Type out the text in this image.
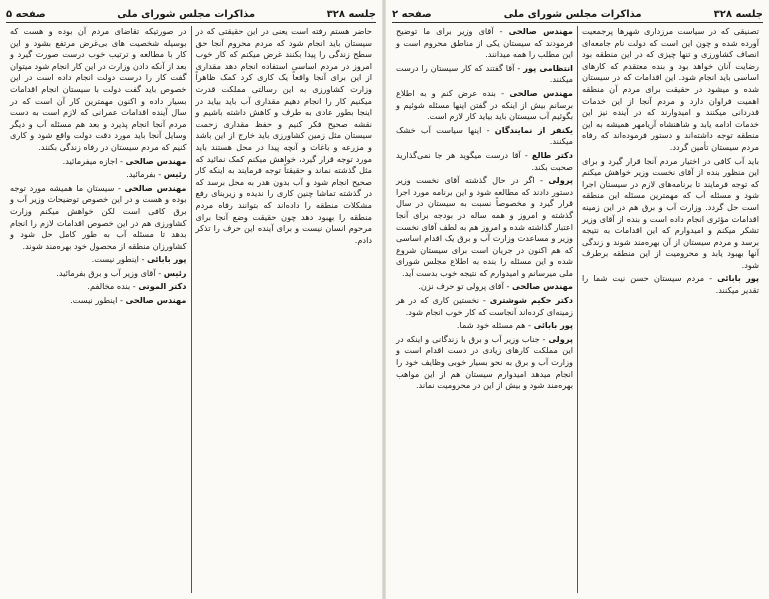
جلسه ۳۲۸
مذاکرات مجلس شورای ملی
صفحه ۵

حاضر هستم رفته است یعنی در این حقیقتی که در سیستان باید انجام شود که مردم محروم آنجا حق سطح زندگی را پیدا بکنند غرض میکنم که کار خوب امروز در مردم اساسی استفاده انجام دهد مقداری از این برای آنجا واقعاً یک کاری کرد کمک ظاهراً وزارت کشاورزی به این رسالتی مملکت قدرت میکنیم کار را انجام دهیم مقداری آب باید بیاید در اینجا بطور عادی به طرف و کاهش داشته باشیم و نقشه صحیح فکر کنیم و حفظ مقداری زحمت سیستان مثل زمین کشاورزی باید خارج از این باشد و مزرعه و باغات و آنچه پیدا در محل هستند باید مورد توجه قرار گیرد، خواهش میکنم کمک نمائید که مثل گذشته نماند و حقیقتاً توجه فرمایند به اینکه کار صحیح انجام شود و آب بدون هدر به محل برسد که در گذشته تماشا چنین کاری را ندیده و زیربنای رفع مشکلات منطقه را داده‌اند که بتوانند رفاه مردم منطقه را بهبود دهد چون حقیقت وضع آنجا برای مرحوم انسان نیست و برای آینده این حرف را تذکر دادم.

در صورتیکه تقاضای مردم آن بوده و هست که بوسیله شخصیت های بی‌غرض مرتفع بشود و این کار با مطالعه و ترتیب خوب درست صورت گیرد و بعد از آنکه دادن وزارت در این کار انجام شود میتوان گفت کار را درست دولت انجام داده است در این خصوص باید گفت دولت با سیستان انجام اقدامات بسیار داده و اکنون مهمترین کار آن است که در سال آینده اقدامات عمرانی که لازم است به دست مردم آنجا انجام پذیرد و بعد هم مسئله آب و دیگر وسایل آنجا باید مورد دقت دولت واقع شود و کاری کنیم که مردم سیستان در رفاه زندگی بکنند.

مهندس صالحی - اجازه میفرمائید.

رئیس - بفرمائید.

مهندس صالحی - سیستان ما همیشه مورد توجه بوده و هست و در این خصوص توضیحات وزیر آب و برق کافی است لکن خواهش میکنم وزارت کشاورزی هم در این خصوص اقدامات لازم را انجام بدهد تا مسئله آب به طور کامل حل شود و کشاورزان منطقه از محصول خود بهره‌مند شوند.

پور بابائی - اینطور نیست.

رئیس - آقای وزیر آب و برق بفرمائید.

دکتر الموتی - بنده مخالفم.

مهندس صالحی - اینطور نیست.

جلسه ۳۲۸
مذاکرات مجلس شورای ملی
صفحه ۲

تصنیقی که در سیاست مرزداری شهرها پرجمعیت آورده شده و چون این است که دولت نام جامعه‌ای انصاف کشاورزی و تنها چیزی که در این منطقه بود رضایت آنان خواهد بود و بنده معتقدم که کارهای اساسی باید انجام شود. این اقدامات که در سیستان شده و میشود در حقیقت برای مردم آن منطقه اهمیت فراوان دارد و مردم آنجا از این خدمات قدردانی میکنند و امیدوارند که در آینده نیز این خدمات ادامه یابد و شاهنشاه آریامهر همیشه به این منطقه توجه داشته‌اند و دستور فرموده‌اند که رفاه مردم سیستان تأمین گردد.

باید آب کافی در اختیار مردم آنجا قرار گیرد و برای این منظور بنده از آقای نخست وزیر خواهش میکنم که توجه فرمایند تا برنامه‌های لازم در سیستان اجرا شود و مسئله آب که مهمترین مسئله این منطقه است حل گردد. وزارت آب و برق هم در این زمینه اقدامات مؤثری انجام داده است و بنده از آقای وزیر تشکر میکنم و امیدوارم که این اقدامات به نتیجه برسد و مردم سیستان از آن بهره‌مند شوند و زندگی آنها بهبود یابد و محرومیت از این منطقه برطرف شود.

پور بابائی - مردم سیستان حسن نیت شما را تقدیر میکنند.

مهندس صالحی - آقای وزیر برای ما توضیح فرمودند که سیستان یکی از مناطق محروم است و این مطلب را همه میدانند.

انتظامی پور - آقا گفتند که کار سیستان را درست میکنند.

مهندس صالحی - بنده عرض کنم و به اطلاع برسانم بیش از اینکه در گفتن اینها مسئله شوئیم و بگوئیم آب سیستان باید بیاید کار لازم است.

یکنفر از نمایندگان - اینها سیاست آب خشک میکنند.

دکتر طالع - آقا درست میگوید هر جا نمی‌گذارید صحبت بکند.

پرولی - اگر در حال گذشته آقای نخست وزیر دستور دادند که مطالعه شود و این برنامه مورد اجرا قرار گیرد و مخصوصاً نسبت به سیستان در سال گذشته و امروز و همه ساله در بودجه برای آنجا اعتبار گذاشته شده و امروز هم به لطف آقای نخست وزیر و مساعدت وزارت آب و برق یک اقدام اساسی که هم اکنون در جریان است برای سیستان شروع شده و این مسئله را بنده به اطلاع مجلس شورای ملی میرسانم و امیدوارم که نتیجه خوب بدست آید.

مهندس صالحی - آقای پرولی تو حرف نزن.

دکتر حکیم شوشتری - نخستین کاری که در هر زمینه‌ای کرده‌اند آنجاست که کار خوب انجام شود.

پور بابائی - هم مسئله خود شما.

پرولی - جناب وزیر آب و برق با زندگانی و اینکه در این مملکت کارهای زیادی در دست اقدام است و وزارت آب و برق به نحو بسیار خوبی وظایف خود را انجام میدهد امیدوارم سیستان هم از این مواهب بهره‌مند شود و بیش از این در محرومیت نماند.
